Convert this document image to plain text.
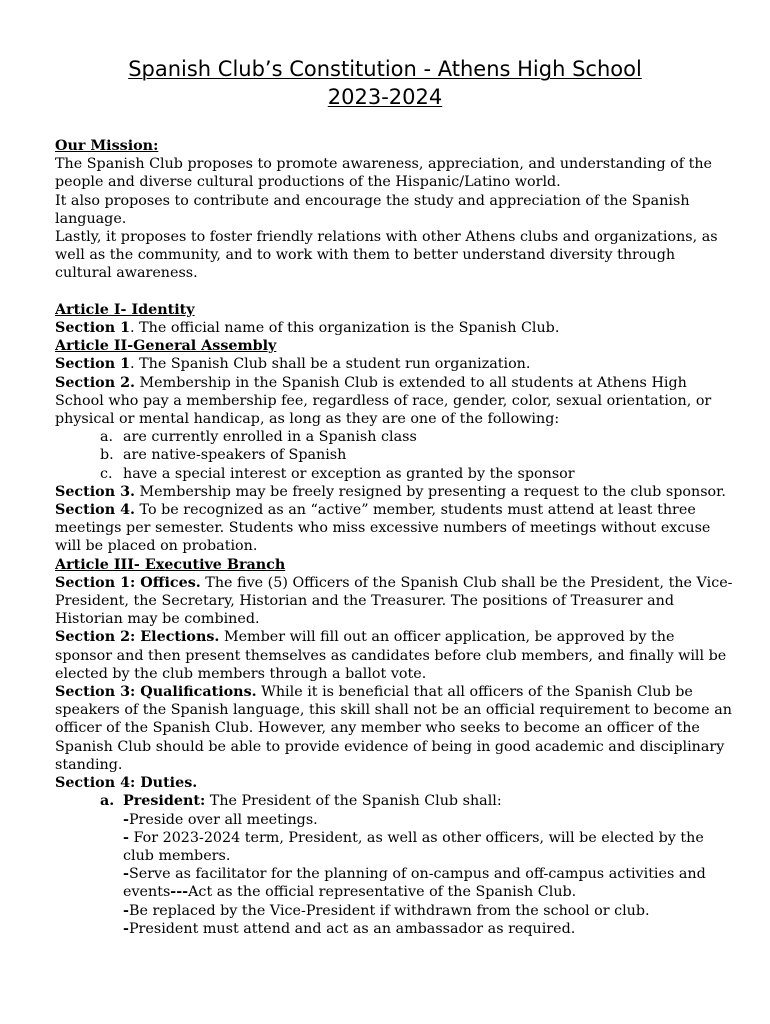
Spanish Club’s Constitution - Athens High School
2023-2024

Our Mission:

The Spanish Club proposes to promote awareness, appreciation, and understanding of the people and diverse cultural productions of the Hispanic/Latino world.

It also proposes to contribute and encourage the study and appreciation of the Spanish language.

Lastly, it proposes to foster friendly relations with other Athens clubs and organizations, as well as the community, and to work with them to better understand diversity through cultural awareness.

Article I- Identity

Section 1. The official name of this organization is the Spanish Club.

Article II-General Assembly

Section 1. The Spanish Club shall be a student run organization.

Section 2. Membership in the Spanish Club is extended to all students at Athens High School who pay a membership fee, regardless of race, gender, color, sexual orientation, or physical or mental handicap, as long as they are one of the following:

a. are currently enrolled in a Spanish class
b. are native-speakers of Spanish
c. have a special interest or exception as granted by the sponsor

Section 3. Membership may be freely resigned by presenting a request to the club sponsor.

Section 4. To be recognized as an “active” member, students must attend at least three meetings per semester. Students who miss excessive numbers of meetings without excuse will be placed on probation.

Article III- Executive Branch

Section 1: Offices. The five (5) Officers of the Spanish Club shall be the President, the Vice-President, the Secretary, Historian and the Treasurer. The positions of Treasurer and Historian may be combined.

Section 2: Elections. Member will fill out an officer application, be approved by the sponsor and then present themselves as candidates before club members, and finally will be elected by the club members through a ballot vote.

Section 3: Qualifications. While it is beneficial that all officers of the Spanish Club be speakers of the Spanish language, this skill shall not be an official requirement to become an officer of the Spanish Club. However, any member who seeks to become an officer of the Spanish Club should be able to provide evidence of being in good academic and disciplinary standing.

Section 4: Duties.

a. President: The President of the Spanish Club shall:

-Preside over all meetings.

- For 2023-2024 term, President, as well as other officers, will be elected by the club members.

-Serve as facilitator for the planning of on-campus and off-campus activities and events---Act as the official representative of the Spanish Club.

-Be replaced by the Vice-President if withdrawn from the school or club.

-President must attend and act as an ambassador as required.
